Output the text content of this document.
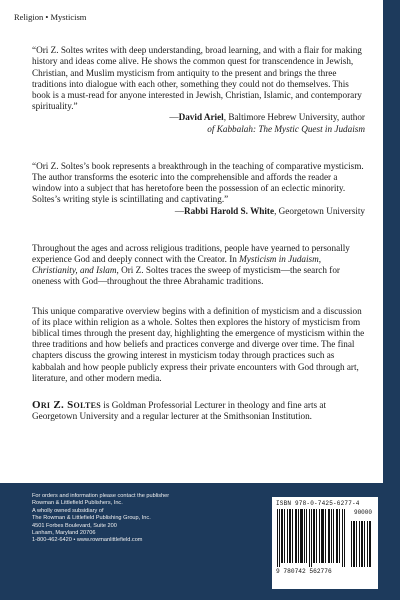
Religion • Mysticism

“Ori Z. Soltes writes with deep understanding, broad learning, and with a flair for making history and ideas come alive. He shows the common quest for transcendence in Jewish, Christian, and Muslim mysticism from antiquity to the present and brings the three traditions into dialogue with each other, something they could not do themselves. This book is a must-read for anyone interested in Jewish, Christian, Islamic, and contemporary spirituality.”

—David Ariel, Baltimore Hebrew University, author
of Kabbalah: The Mystic Quest in Judaism

“Ori Z. Soltes’s book represents a breakthrough in the teaching of comparative mysticism. The author transforms the esoteric into the comprehensible and affords the reader a window into a subject that has heretofore been the possession of an eclectic minority. Soltes’s writing style is scintillating and captivating.”

—Rabbi Harold S. White, Georgetown University

Throughout the ages and across religious traditions, people have yearned to personally experience God and deeply connect with the Creator. In Mysticism in Judaism, Christianity, and Islam, Ori Z. Soltes traces the sweep of mysticism—the search for oneness with God—throughout the three Abrahamic traditions.

This unique comparative overview begins with a definition of mysticism and a discussion of its place within religion as a whole. Soltes then explores the history of mysticism from biblical times through the present day, highlighting the emergence of mysticism within the three traditions and how beliefs and practices converge and diverge over time. The final chapters discuss the growing interest in mysticism today through practices such as kabbalah and how people publicly express their private encounters with God through art, literature, and other modern media.

Ori Z. Soltes is Goldman Professorial Lecturer in theology and fine arts at Georgetown University and a regular lecturer at the Smithsonian Institution.

For orders and information please contact the publisher
Rowman & Littlefield Publishers, Inc.
A wholly owned subsidiary of
The Rowman & Littlefield Publishing Group, Inc.
4501 Forbes Boulevard, Suite 200
Lanham, Maryland 20706
1-800-462-6420 • www.rowmanlittlefield.com
ISBN 978-0-7425-6277-4
90000
9 780742 562776
